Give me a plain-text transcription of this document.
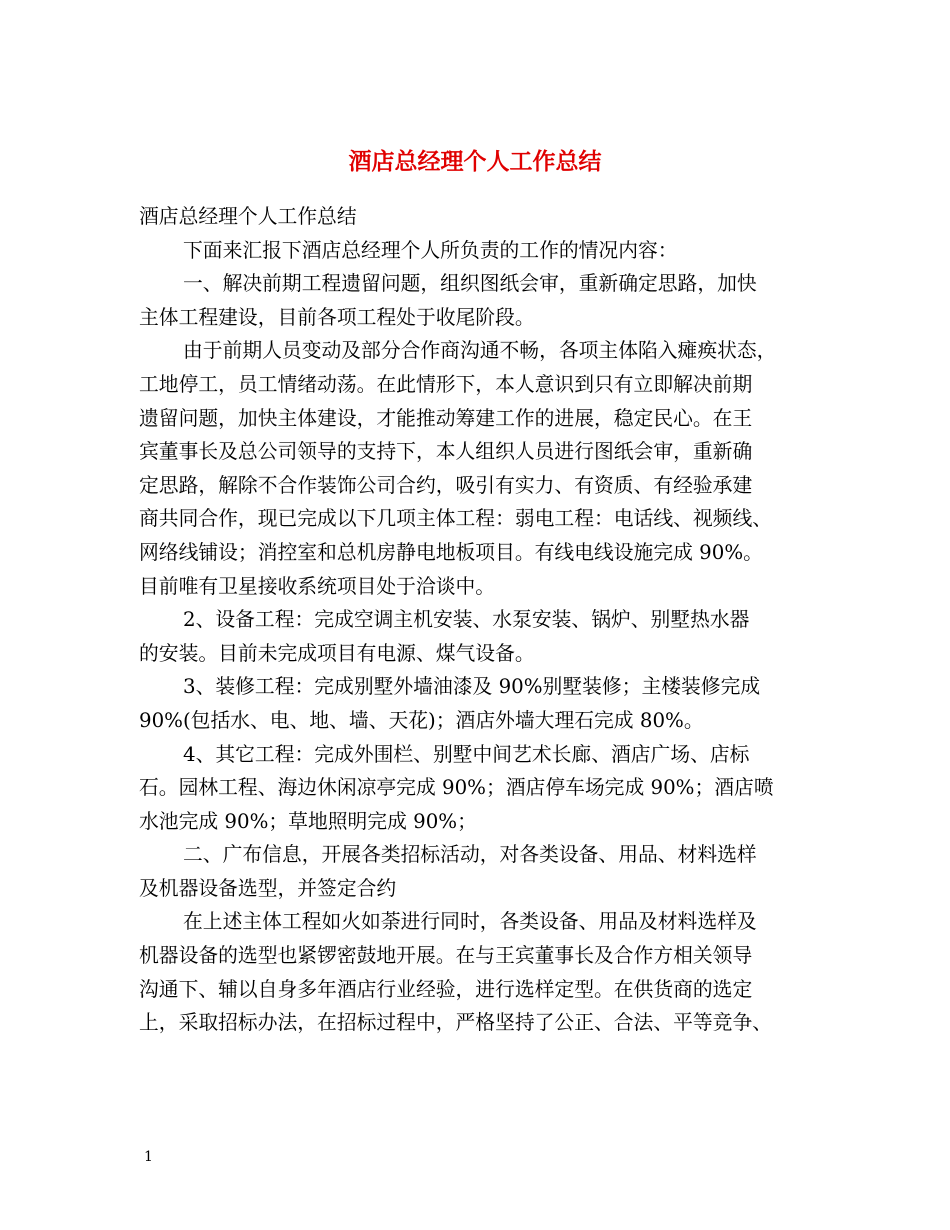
酒店总经理个人工作总结
酒店总经理个人工作总结
下面来汇报下酒店总经理个人所负责的工作的情况内容：
一、解决前期工程遗留问题，组织图纸会审，重新确定思路，加快
主体工程建设，目前各项工程处于收尾阶段。
由于前期人员变动及部分合作商沟通不畅，各项主体陷入瘫痪状态，
工地停工，员工情绪动荡。在此情形下，本人意识到只有立即解决前期
遗留问题，加快主体建设，才能推动筹建工作的进展，稳定民心。在王
宾董事长及总公司领导的支持下，本人组织人员进行图纸会审，重新确
定思路，解除不合作装饰公司合约，吸引有实力、有资质、有经验承建
商共同合作，现已完成以下几项主体工程：弱电工程：电话线、视频线、
网络线铺设；消控室和总机房静电地板项目。有线电线设施完成 90%。
目前唯有卫星接收系统项目处于洽谈中。
2、设备工程：完成空调主机安装、水泵安装、锅炉、别墅热水器
的安装。目前未完成项目有电源、煤气设备。
3、装修工程：完成别墅外墙油漆及 90%别墅装修；主楼装修完成
90%(包括水、电、地、墙、天花)；酒店外墙大理石完成 80%。
4、其它工程：完成外围栏、别墅中间艺术长廊、酒店广场、店标
石。园林工程、海边休闲凉亭完成 90%；酒店停车场完成 90%；酒店喷
水池完成 90%；草地照明完成 90%；
二、广布信息，开展各类招标活动，对各类设备、用品、材料选样
及机器设备选型，并签定合约
在上述主体工程如火如荼进行同时，各类设备、用品及材料选样及
机器设备的选型也紧锣密鼓地开展。在与王宾董事长及合作方相关领导
沟通下、辅以自身多年酒店行业经验，进行选样定型。在供货商的选定
上，采取招标办法，在招标过程中，严格坚持了公正、合法、平等竞争、
1
